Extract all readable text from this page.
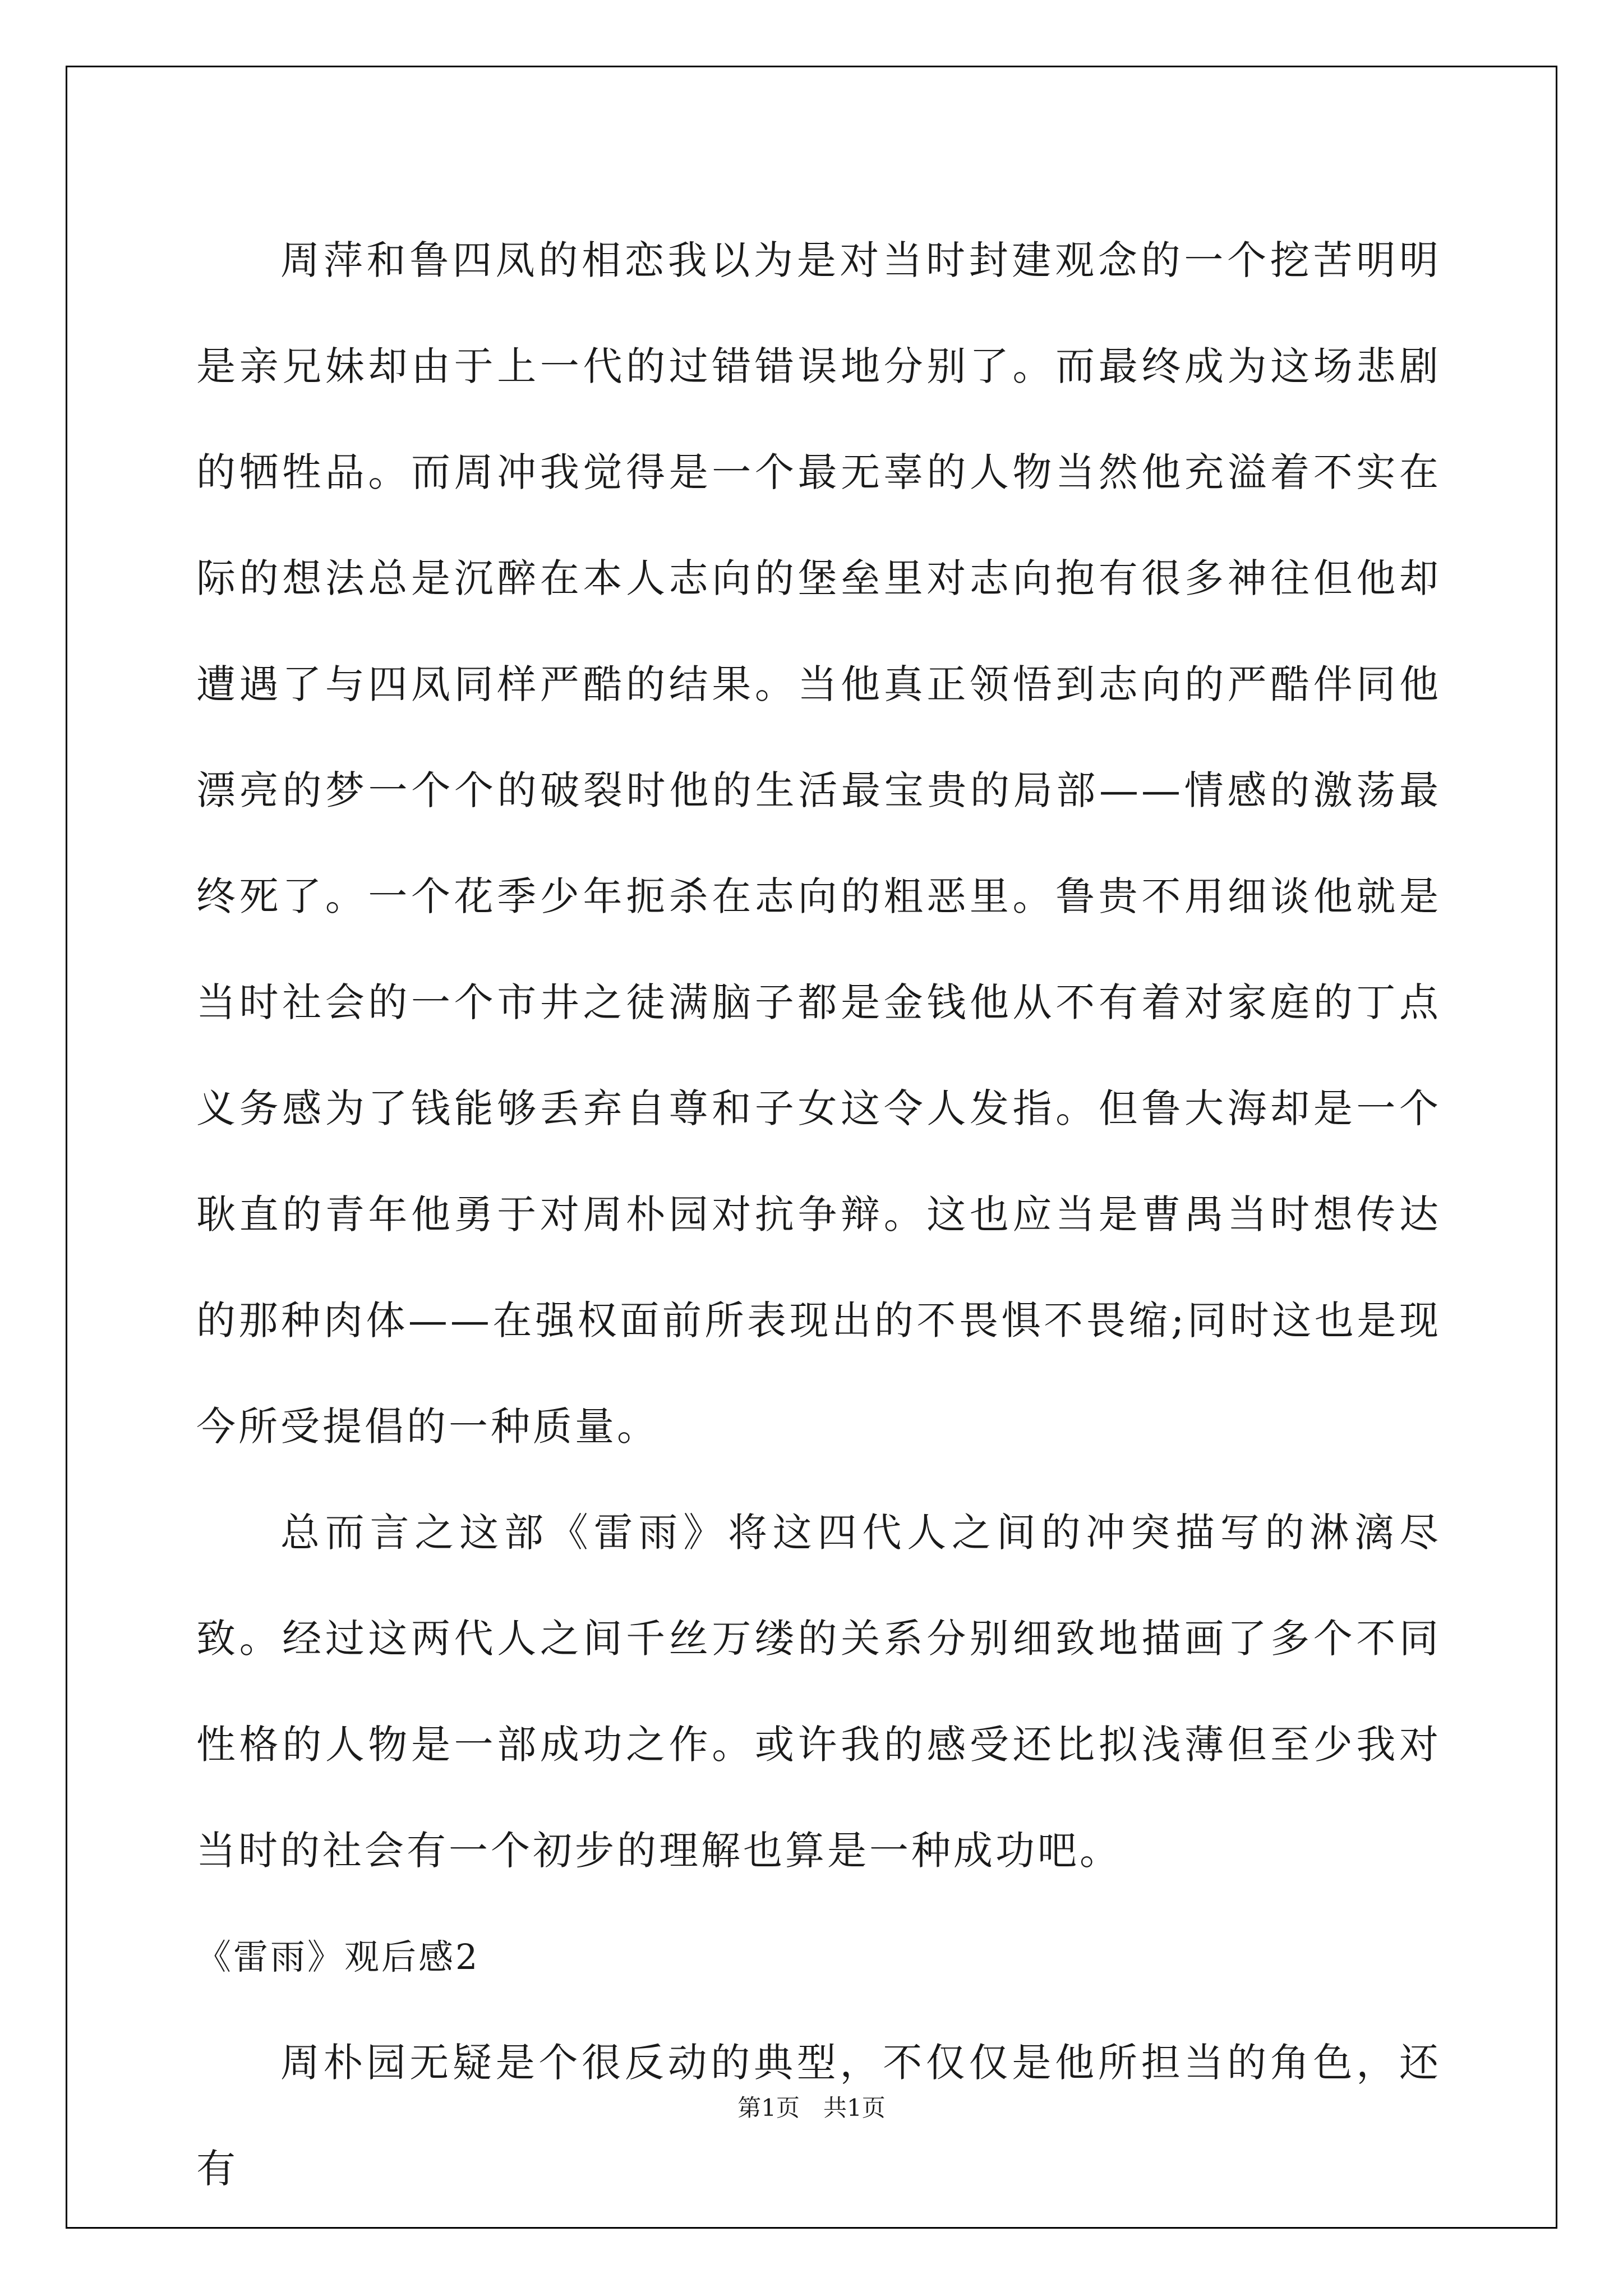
周萍和鲁四凤的相恋我以为是对当时封建观念的一个挖苦明明是亲兄妹却由于上一代的过错错误地分别了。而最终成为这场悲剧的牺牲品。而周冲我觉得是一个最无辜的人物当然他充溢着不实在际的想法总是沉醉在本人志向的堡垒里对志向抱有很多神往但他却遭遇了与四凤同样严酷的结果。当他真正领悟到志向的严酷伴同他漂亮的梦一个个的破裂时他的生活最宝贵的局部——情感的激荡最终死了。一个花季少年扼杀在志向的粗恶里。鲁贵不用细谈他就是当时社会的一个市井之徒满脑子都是金钱他从不有着对家庭的丁点义务感为了钱能够丢弃自尊和子女这令人发指。但鲁大海却是一个耿直的青年他勇于对周朴园对抗争辩。这也应当是曹禺当时想传达的那种肉体——在强权面前所表现出的不畏惧不畏缩;同时这也是现今所受提倡的一种质量。

总而言之这部《雷雨》将这四代人之间的冲突描写的淋漓尽致。经过这两代人之间千丝万缕的关系分别细致地描画了多个不同性格的人物是一部成功之作。或许我的感受还比拟浅薄但至少我对当时的社会有一个初步的理解也算是一种成功吧。

《雷雨》观后感2

周朴园无疑是个很反动的典型，不仅仅是他所担当的角色，还有

第1页　共1页
